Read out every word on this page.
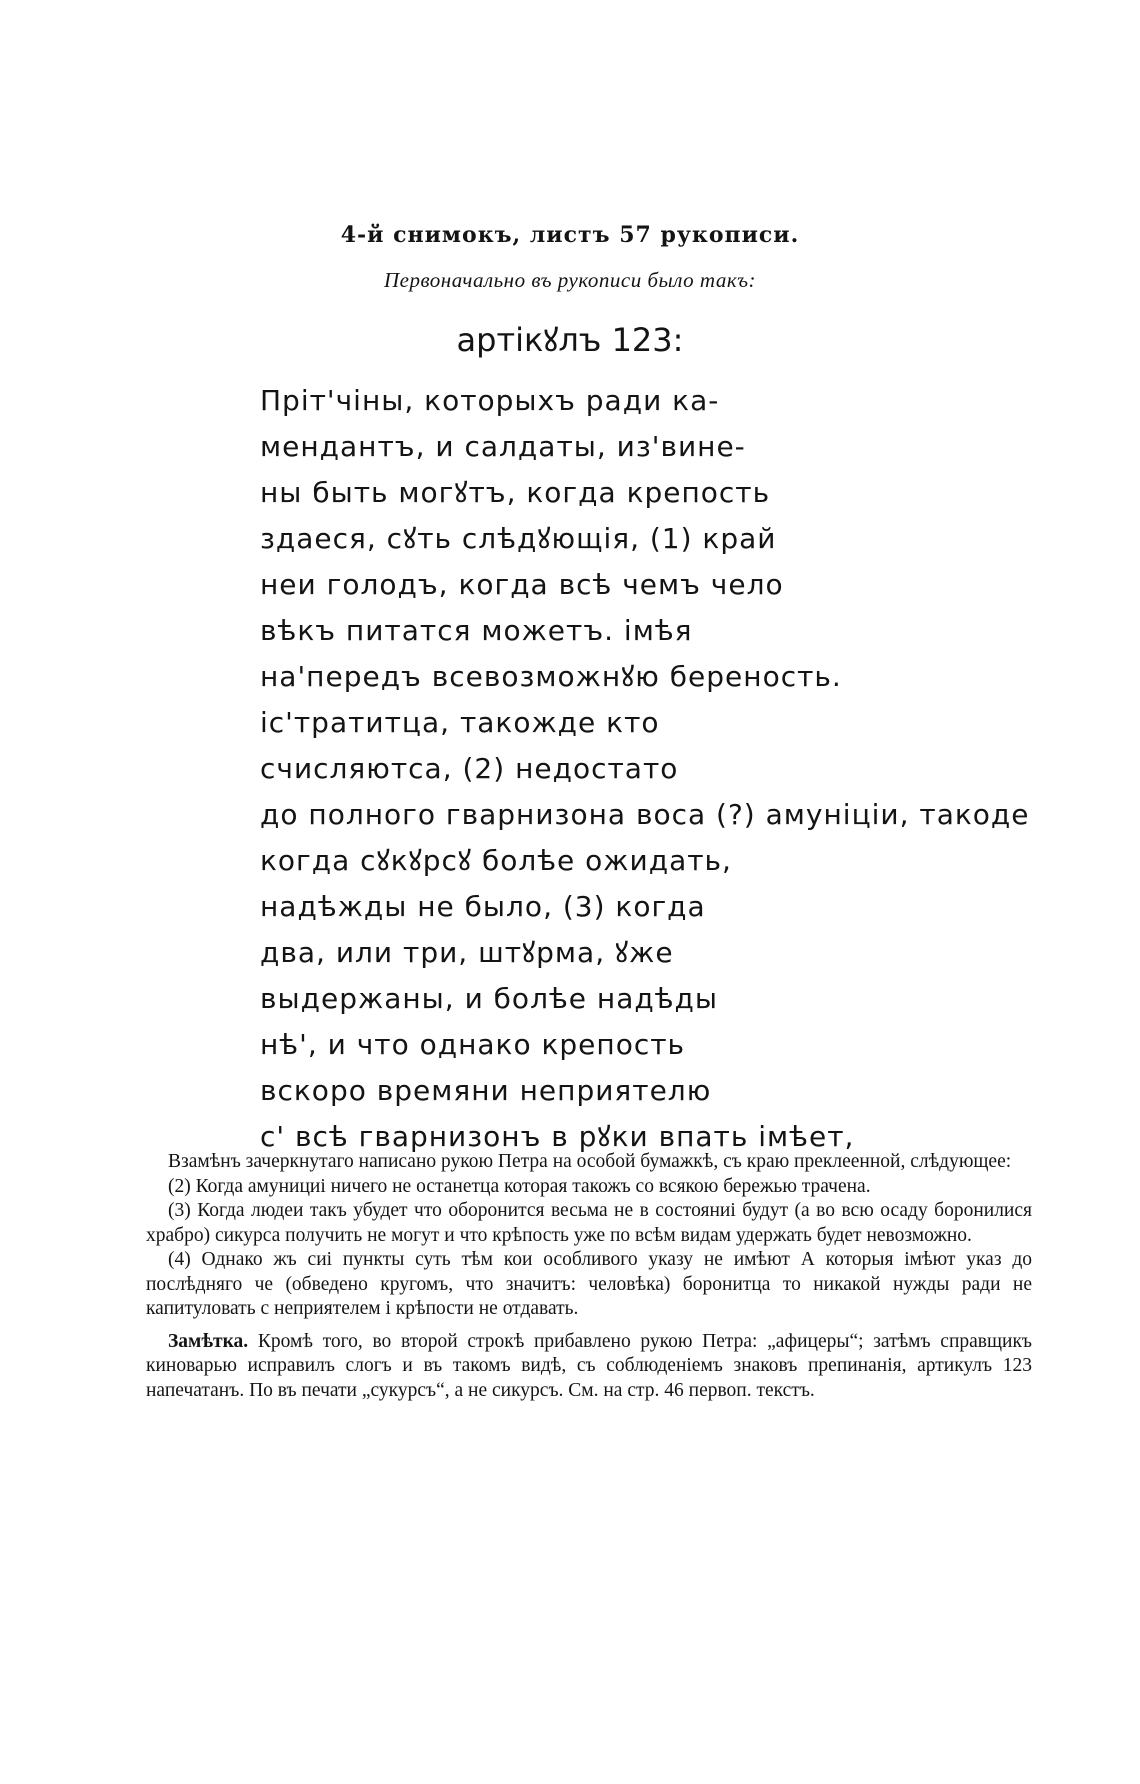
4-й снимокъ, листъ 57 рукописи.
Первоначально въ рукописи было такъ:
артікꙋлъ 123:
Прiт'чiны, которыхъ ради ка-
мендантъ, и салдаты, из'вине-
ны быть могꙋтъ, когда крепость
здаеся, сꙋть слѣдꙋющiя, (1) край
неи голодъ, когда всѣ чемъ чело
вѣкъ питатся можетъ. iмѣя
на'передъ всевозможнꙋю береность.
iс'тратитца, такожде кто
счисляютса, (2) недостато
до полного гварнизона воса (?) амунiцiи, такоде
когда сꙋкꙋрсꙋ болѣе ожидать,
надѣжды не было, (3) когда
два, или три, штꙋрма, ꙋже
выдержаны, и болѣе надѣды
нѣ', и что однако крепость
вскоро времяни неприятелю
с' всѣ гварнизонъ в рꙋки впать iмѣет,

Взамѣнъ зачеркнутаго написано рукою Петра на особой бумажкѣ, съ краю преклеенной, слѣдующее:

(2) Когда амунициi ничего не останетца которая такожъ со всякою бережью трачена.

(3) Когда людеи такъ убудет что оборонится весьма не в состояниi будут (а во всю осаду боронилися храбро) сикурса получить не могут и что крѣпость уже по всѣм видам удержать будет невозможно.

(4) Однако жъ сиi пункты суть тѣм кои особливого указу не имѣют А которыя iмѣют указ до послѣдняго че (обведено кругомъ, что значитъ: человѣка) боронитца то никакой нужды ради не капитуловать с неприятелем i крѣпости не отдавать.

Замѣтка. Кромѣ того, во второй строкѣ прибавлено рукою Петра: „афицеры“; затѣмъ справщикъ киноварью исправилъ слогъ и въ такомъ видѣ, съ соблюденiемъ знаковъ препинанiя, артикулъ 123 напечатанъ. По въ печати „сукурсъ“, а не сикурсъ. См. на стр. 46 первоп. текстъ.
